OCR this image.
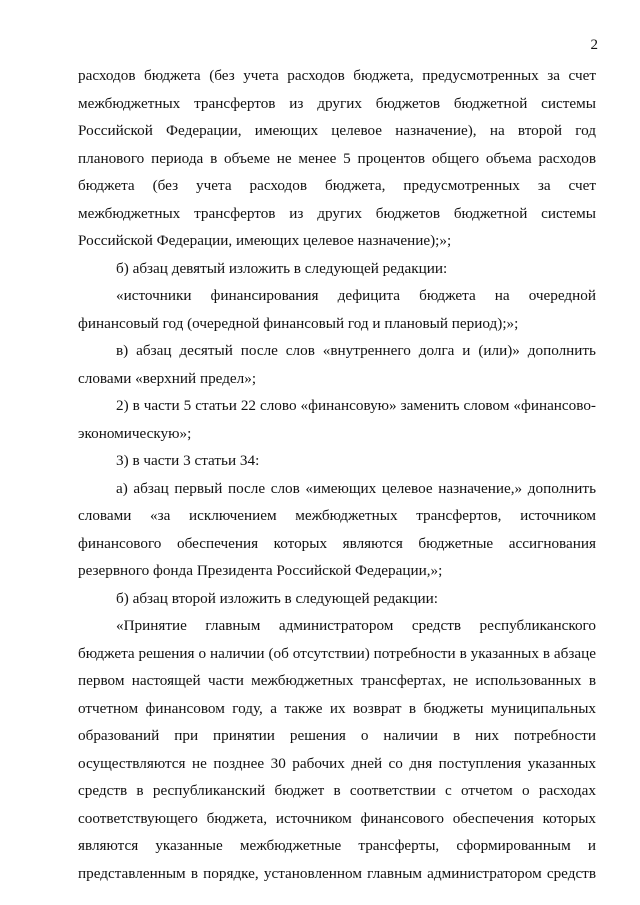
2
расходов бюджета (без учета расходов бюджета, предусмотренных за счет
межбюджетных трансфертов из других бюджетов бюджетной системы
Российской Федерации, имеющих целевое назначение), на второй год
планового периода в объеме не менее 5 процентов общего объема расходов
бюджета (без учета расходов бюджета, предусмотренных за счет
межбюджетных трансфертов из других бюджетов бюджетной системы
Российской Федерации, имеющих целевое назначение);»;
б) абзац девятый изложить в следующей редакции:
«источники финансирования дефицита бюджета на очередной
финансовый год (очередной финансовый год и плановый период);»;
в) абзац десятый после слов «внутреннего долга и (или)» дополнить
словами «верхний предел»;
2) в части 5 статьи 22 слово «финансовую» заменить словом «финансово-
экономическую»;
3) в части 3 статьи 34:
а) абзац первый после слов «имеющих целевое назначение,» дополнить
словами «за исключением межбюджетных трансфертов, источником
финансового обеспечения которых являются бюджетные ассигнования
резервного фонда Президента Российской Федерации,»;
б) абзац второй изложить в следующей редакции:
«Принятие главным администратором средств республиканского
бюджета решения о наличии (об отсутствии) потребности в указанных в абзаце
первом настоящей части межбюджетных трансфертах, не использованных в
отчетном финансовом году, а также их возврат в бюджеты муниципальных
образований при принятии решения о наличии в них потребности
осуществляются не позднее 30 рабочих дней со дня поступления указанных
средств в республиканский бюджет в соответствии с отчетом о расходах
соответствующего бюджета, источником финансового обеспечения которых
являются указанные межбюджетные трансферты, сформированным и
представленным в порядке, установленном главным администратором средств
